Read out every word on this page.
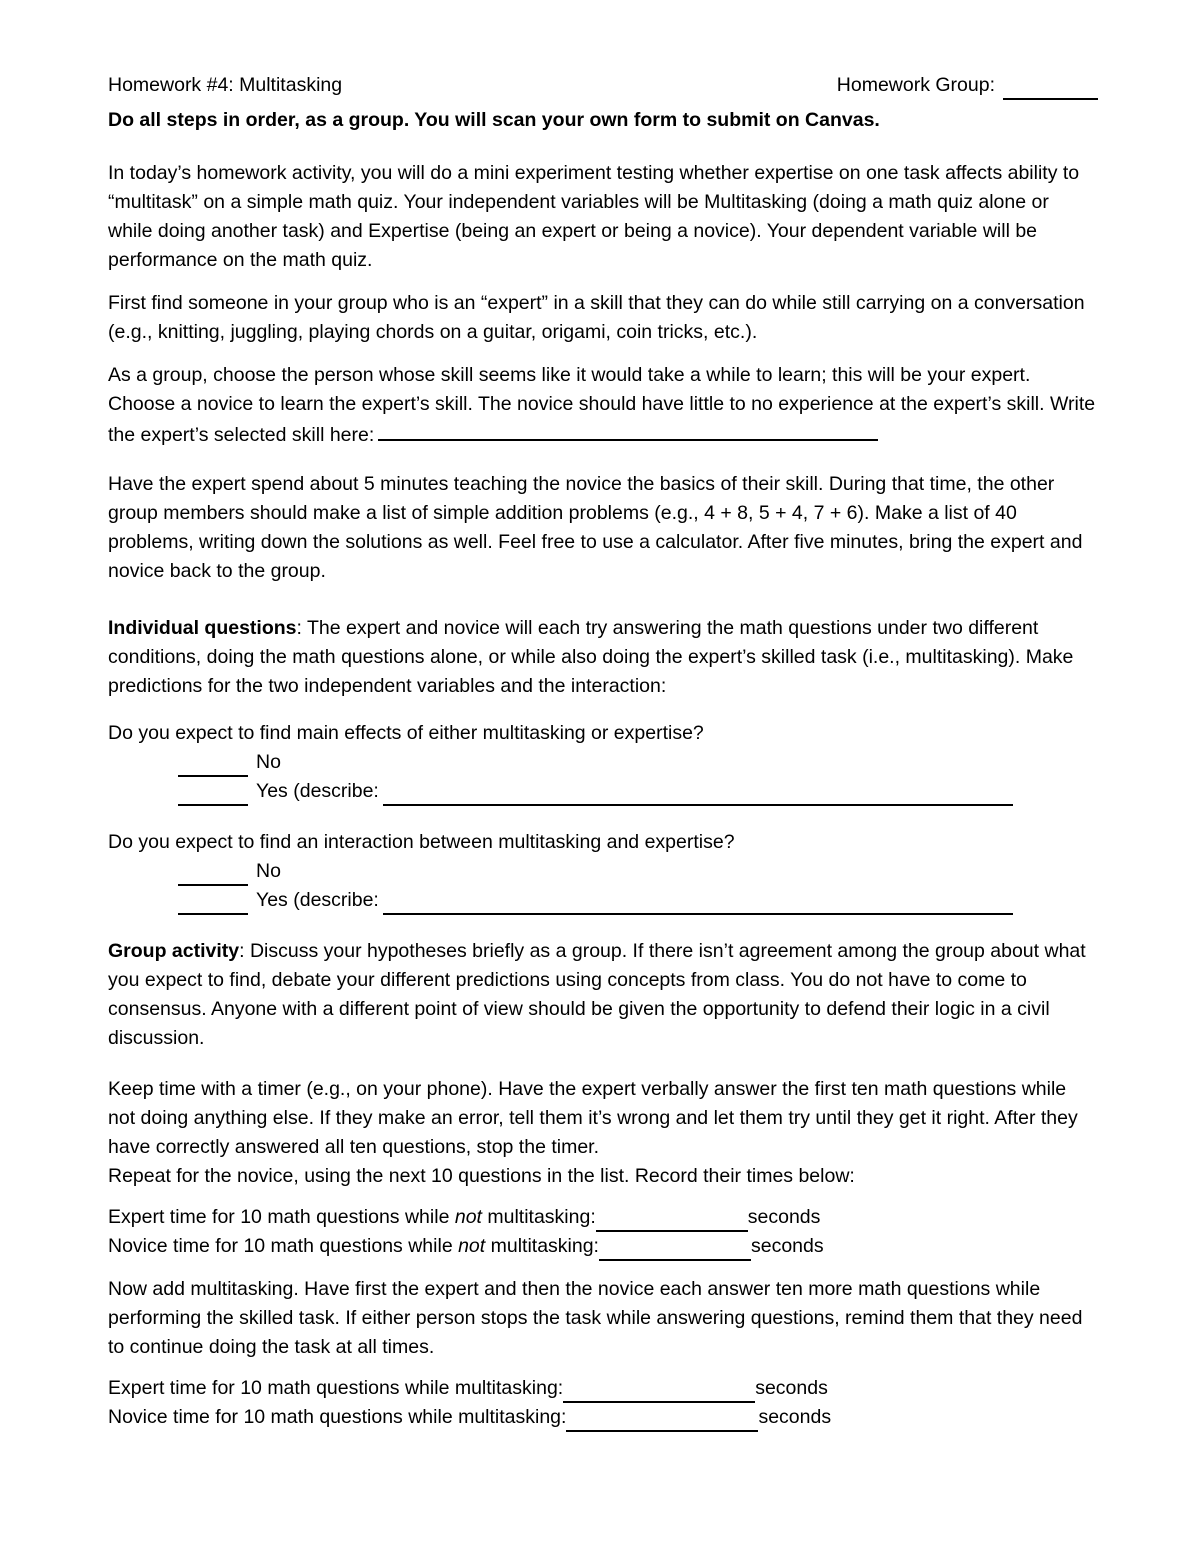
Homework #4: Multitasking	Homework Group:

Do all steps in order, as a group. You will scan your own form to submit on Canvas.

In today’s homework activity, you will do a mini experiment testing whether expertise on one task affects ability to “multitask” on a simple math quiz. Your independent variables will be Multitasking (doing a math quiz alone or while doing another task) and Expertise (being an expert or being a novice). Your dependent variable will be performance on the math quiz.

First find someone in your group who is an “expert” in a skill that they can do while still carrying on a conversation (e.g., knitting, juggling, playing chords on a guitar, origami, coin tricks, etc.).

As a group, choose the person whose skill seems like it would take a while to learn; this will be your expert. Choose a novice to learn the expert’s skill. The novice should have little to no experience at the expert’s skill. Write the expert’s selected skill here:

Have the expert spend about 5 minutes teaching the novice the basics of their skill. During that time, the other group members should make a list of simple addition problems (e.g., 4 + 8, 5 + 4, 7 + 6). Make a list of 40 problems, writing down the solutions as well. Feel free to use a calculator. After five minutes, bring the expert and novice back to the group.

Individual questions: The expert and novice will each try answering the math questions under two different conditions, doing the math questions alone, or while also doing the expert’s skilled task (i.e., multitasking). Make predictions for the two independent variables and the interaction:

Do you expect to find main effects of either multitasking or expertise?

No
Yes (describe:

Do you expect to find an interaction between multitasking and expertise?

No
Yes (describe:

Group activity: Discuss your hypotheses briefly as a group. If there isn’t agreement among the group about what you expect to find, debate your different predictions using concepts from class. You do not have to come to consensus. Anyone with a different point of view should be given the opportunity to defend their logic in a civil discussion.

Keep time with a timer (e.g., on your phone). Have the expert verbally answer the first ten math questions while not doing anything else. If they make an error, tell them it’s wrong and let them try until they get it right. After they have correctly answered all ten questions, stop the timer.

Repeat for the novice, using the next 10 questions in the list. Record their times below:

Expert time for 10 math questions while not multitasking:	seconds
Novice time for 10 math questions while not multitasking:	seconds

Now add multitasking. Have first the expert and then the novice each answer ten more math questions while performing the skilled task. If either person stops the task while answering questions, remind them that they need to continue doing the task at all times.

Expert time for 10 math questions while multitasking:	seconds
Novice time for 10 math questions while multitasking:	seconds
